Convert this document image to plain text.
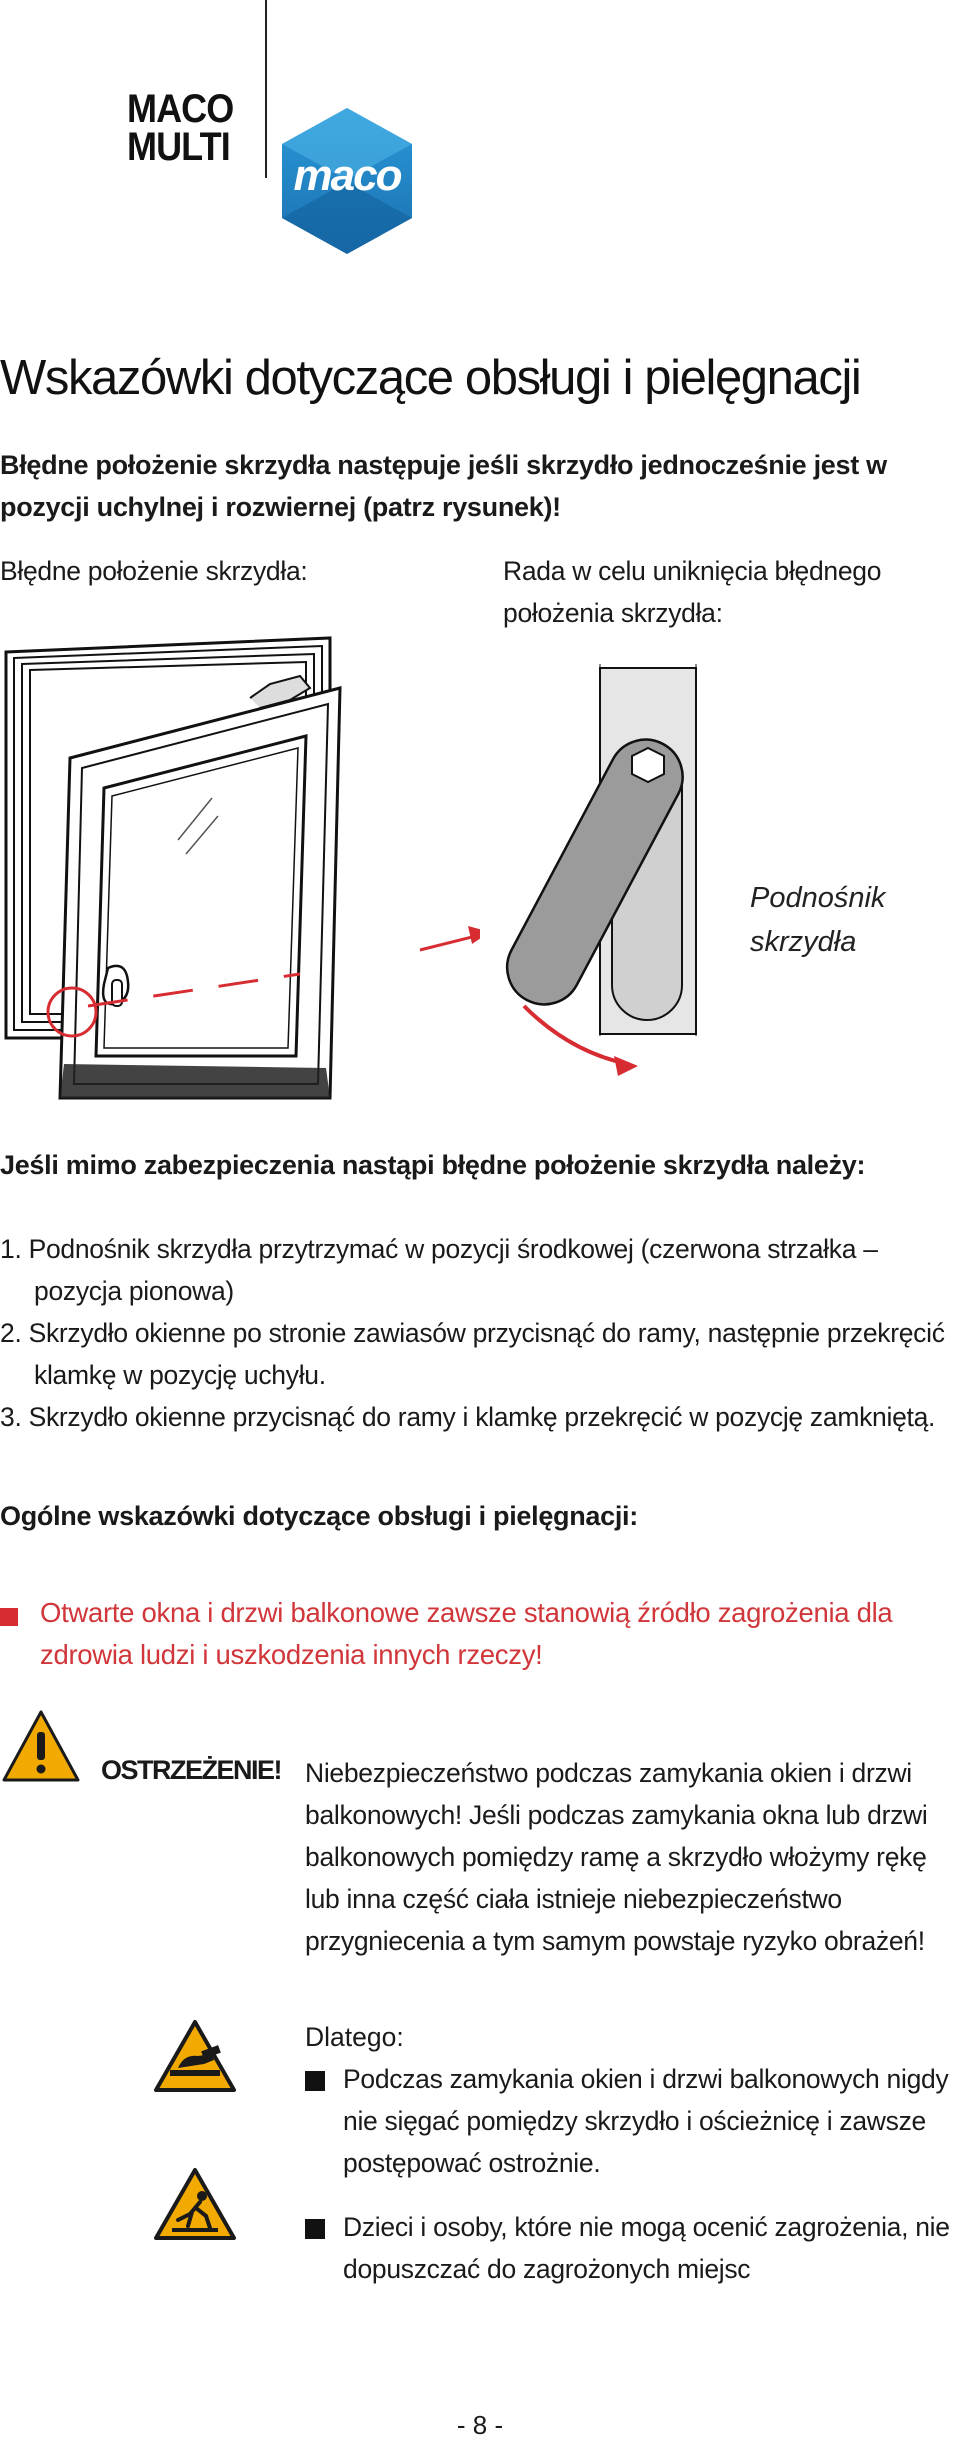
MACO
MULTI
maco
Wskazówki dotyczące obsługi i pielęgnacji
Błędne położenie skrzydła następuje jeśli skrzydło jednocześnie jest w pozycji uchylnej i rozwiernej (patrz rysunek)!
Błędne położenie skrzydła:	Rada w celu uniknięcia błędnego położenia skrzydła:
Podnośnik
skrzydła
Jeśli mimo zabezpieczenia nastąpi błędne położenie skrzydła należy:
1. Podnośnik skrzydła przytrzymać w pozycji środkowej (czerwona strzałka – pozycja pionowa)
2. Skrzydło okienne po stronie zawiasów przycisnąć do ramy, następnie przekręcić klamkę w pozycję uchyłu.
3. Skrzydło okienne przycisnąć do ramy i klamkę przekręcić w pozycję zamkniętą.
Ogólne wskazówki dotyczące obsługi i pielęgnacji:
Otwarte okna i drzwi balkonowe zawsze stanowią źródło zagrożenia dla zdrowia ludzi i uszkodzenia innych rzeczy!
OSTRZEŻENIE! Niebezpieczeństwo podczas zamykania okien i drzwi balkonowych! Jeśli podczas zamykania okna lub drzwi balkonowych pomiędzy ramę a skrzydło włożymy rękę lub inna część ciała istnieje niebezpieczeństwo przygniecenia a tym samym powstaje ryzyko obrażeń!
Dlatego:
Podczas zamykania okien i drzwi balkonowych nigdy nie sięgać pomiędzy skrzydło i ościeżnicę i zawsze postępować ostrożnie.
Dzieci i osoby, które nie mogą ocenić zagrożenia, nie dopuszczać do zagrożonych miejsc
- 8 -
